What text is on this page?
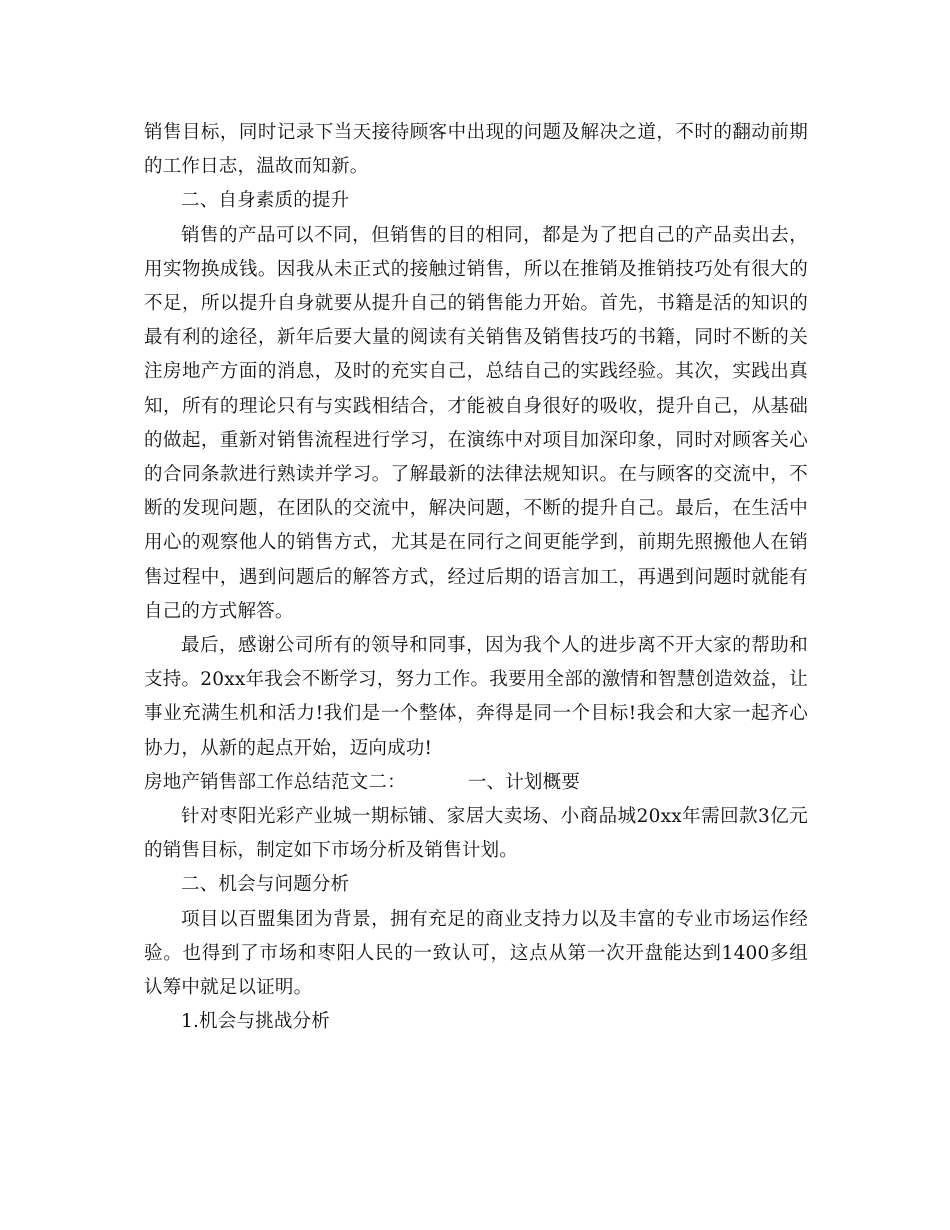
销售目标，同时记录下当天接待顾客中出现的问题及解决之道，不时的翻动前期的工作日志，温故而知新。

二、自身素质的提升

销售的产品可以不同，但销售的目的相同，都是为了把自己的产品卖出去，用实物换成钱。因我从未正式的接触过销售，所以在推销及推销技巧处有很大的不足，所以提升自身就要从提升自己的销售能力开始。首先，书籍是活的知识的最有利的途径，新年后要大量的阅读有关销售及销售技巧的书籍，同时不断的关注房地产方面的消息，及时的充实自己，总结自己的实践经验。其次，实践出真知，所有的理论只有与实践相结合，才能被自身很好的吸收，提升自己，从基础的做起，重新对销售流程进行学习，在演练中对项目加深印象，同时对顾客关心的合同条款进行熟读并学习。了解最新的法律法规知识。在与顾客的交流中，不断的发现问题，在团队的交流中，解决问题，不断的提升自己。最后，在生活中用心的观察他人的销售方式，尤其是在同行之间更能学到，前期先照搬他人在销售过程中，遇到问题后的解答方式，经过后期的语言加工，再遇到问题时就能有自己的方式解答。

最后，感谢公司所有的领导和同事，因为我个人的进步离不开大家的帮助和支持。20xx年我会不断学习，努力工作。我要用全部的激情和智慧创造效益，让事业充满生机和活力!我们是一个整体，奔得是同一个目标!我会和大家一起齐心协力，从新的起点开始，迈向成功!

房地产销售部工作总结范文二：	一、计划概要

针对枣阳光彩产业城一期标铺、家居大卖场、小商品城20xx年需回款3亿元的销售目标，制定如下市场分析及销售计划。

二、机会与问题分析

项目以百盟集团为背景，拥有充足的商业支持力以及丰富的专业市场运作经验。也得到了市场和枣阳人民的一致认可，这点从第一次开盘能达到1400多组认筹中就足以证明。

1.机会与挑战分析
